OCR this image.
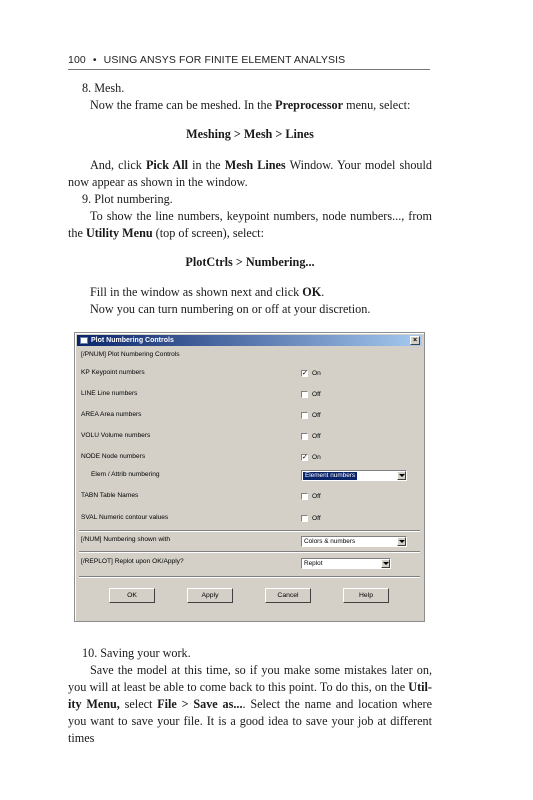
100 • USING ANSYS FOR FINITE ELEMENT ANALYSIS

8. Mesh.

Now the frame can be meshed. In the Preprocessor menu, select:

Meshing > Mesh > Lines

And, click Pick All in the Mesh Lines Window. Your model should now appear as shown in the window.

9. Plot numbering.

To show the line numbers, keypoint numbers, node numbers..., from the Utility Menu (top of screen), select:

PlotCtrls > Numbering...

Fill in the window as shown next and click OK.

Now you can turn numbering on or off at your discretion.

Plot Numbering Controls	×
[/PNUM] Plot Numbering Controls
KP Keypoint numbers	✓ On
LINE Line numbers	Off
AREA Area numbers	Off
VOLU Volume numbers	Off
NODE Node numbers	✓ On
Elem / Attrib numbering	Element numbers
TABN Table Names	Off
SVAL Numeric contour values	Off
[/NUM] Numbering shown with	Colors & numbers
[/REPLOT] Replot upon OK/Apply?	Replot
OK	Apply	Cancel	Help

10. Saving your work.

Save the model at this time, so if you make some mistakes later on, you will at least be able to come back to this point. To do this, on the Util-ity Menu, select File > Save as.... Select the name and location where you want to save your file. It is a good idea to save your job at different times
